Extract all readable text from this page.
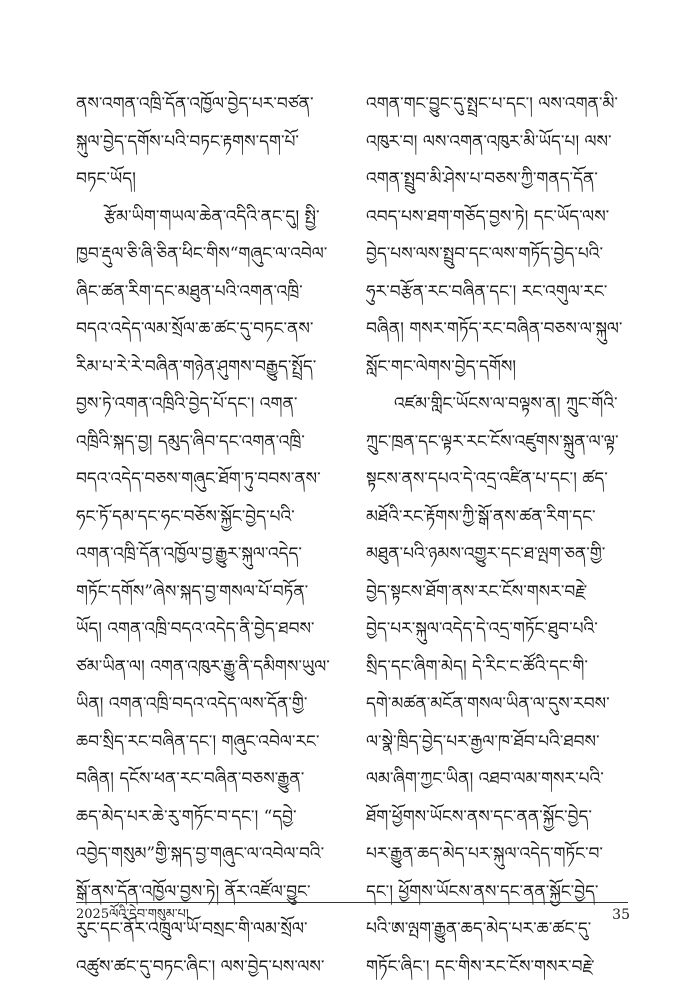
ནས་འགན་འཁྲི་དོན་འཁྱོལ་བྱེད་པར་བཙན་
སྐུལ་བྱེད་དགོས་པའི་བཏང་རྟགས་དག་པོ་
བཏང་ཡོད།
རྩོམ་ཡིག་གཡལ་ཆེན་འདིའི་ནང་དུ། སྤྱི་
ཁྱབ་རྡུལ་ཅི་ཞི་ཅིན་ཕིང་གིས“གཞུང་ལ་འབེལ་
ཞིང་ཚན་རིག་དང་མཐུན་པའི་འགན་འཁྲི་
བདའ་འདེད་ལམ་སྲོལ་ཆ་ཚང་དུ་བཏང་ནས་
རིམ་པ་རེ་རེ་བཞིན་གཉེན་ཤུགས་བརྒྱུད་སྤྲོད་
བྱས་ཏེ་འགན་འཁྲིའི་བྱེད་པོ་དང་། འགན་
འཁྲིའི་སྐད་བྱ། དམུད་ཞིབ་དང་འགན་འཁྲི་
བདའ་འདེད་བཅས་གཞུང་ཐོག་ཏུ་བབས་ནས་
ཧང་ཏོ་དམ་དང་ཧང་བཅོས་སྐྱོང་བྱེད་པའི་
འགན་འཁྲི་དོན་འཁྱོལ་བྱ་རྒྱུར་སྐུལ་འདེད་
གཏོང་དགོས”ཞེས་སྐད་བྱ་གསལ་པོ་བཏོན་
ཡོད། འགན་འཁྲི་བདའ་འདེད་ནི་བྱེད་ཐབས་
ཙམ་ཡིན་ལ། འགན་འཁུར་རྒྱུ་ནི་དམིགས་ཡུལ་
ཡིན། འགན་འཁྲི་བདའ་འདེད་ལས་དོན་གྱི་
ཆབ་སྲིད་རང་བཞིན་དང་། གཞུང་འབེལ་རང་
བཞིན། དངོས་ཕན་རང་བཞིན་བཅས་རྒྱུན་
ཆད་མེད་པར་ཆེ་རུ་གཏོང་བ་དང་། “དབྱེ་
འབྱེད་གསུམ”གྱི་སྐད་བྱ་གཞུང་ལ་འབེལ་བའི་
སྒོ་ནས་དོན་འཁྱོལ་བྱས་ཏེ། ནོར་འཛོལ་བྱུང་
རུང་དང་ནོར་འཁྲུལ་ཡོ་བསྲང་གི་ལམ་སྲོལ་
འཚུས་ཚང་དུ་བཏང་ཞིང་། ལས་བྱེད་པས་ལས་
འགན་གང་བྱུང་དུ་སྤྲང་པ་དང་། ལས་འགན་མི་
འཁུར་བ། ལས་འགན་འཁུར་མི་ཡོད་པ། ལས་
འགན་སྤྲུབ་མི་ཤེས་པ་བཅས་ཀྱི་གནད་དོན་
འབད་པས་ཐག་གཅོད་བྱས་ཏེ། དང་ཡོད་ལས་
བྱེད་པས་ལས་སྤྲུབ་དང་ལས་གཏོད་བྱེད་པའི་
ཧུར་བརྩོན་རང་བཞིན་དང་། རང་འགུལ་རང་
བཞིན། གསར་གཏོད་རང་བཞིན་བཅས་ལ་སྐུལ་
སློང་གང་ལེགས་བྱེད་དགོས།
འཛམ་གླིང་ཡོངས་ལ་བལྟས་ན། ཀྲུང་གོའི་
ཀྲུང་ཁྲན་དང་ལྟར་རང་ངོས་འཛུགས་སྐྲུན་ལ་ལྟ་
སྟངས་ནས་དཔའ་དེ་འདྲ་འཛིན་པ་དང་། ཚད་
མཐོའི་རང་རྟོགས་ཀྱི་སྒོ་ནས་ཚན་རིག་དང་
མཐུན་པའི་ཉམས་འགྱུར་དང་ཐ་ལྤག་ཅན་གྱི་
བྱེད་སྟངས་ཐོག་ནས་རང་ངོས་གསར་བརྗེ་
བྱེད་པར་སྐུལ་འདེད་དེ་འདྲ་གཏོང་ཐུབ་པའི་
སྲིད་དང་ཞིག་མེད། དེ་རིང་ང་ཚོའི་དང་གི་
དགེ་མཚན་མངོན་གསལ་ཡིན་ལ་དུས་རབས་
ལ་སྣེ་ཁྲིད་བྱེད་པར་རྒྱལ་ཁ་ཐོབ་པའི་ཐབས་
ལམ་ཞིག་ཀྱང་ཡིན། འཐབ་ལམ་གསར་པའི་
ཐོག་ཕྱོགས་ཡོངས་ནས་དང་ནན་སྐྱོང་བྱེད་
པར་རྒྱུན་ཆད་མེད་པར་སྐུལ་འདེད་གཏོང་བ་
དང་། ཕྱོགས་ཡོངས་ནས་དང་ནན་སྐྱོང་བྱེད་
པའི་ཨ་ལྤག་རྒྱུན་ཆད་མེད་པར་ཆ་ཚང་དུ་
གཏོང་ཞིང་། དང་གིས་རང་ངོས་གསར་བརྗེ་
2025ལོའི་དེབ་གསུམ་པ།	35
